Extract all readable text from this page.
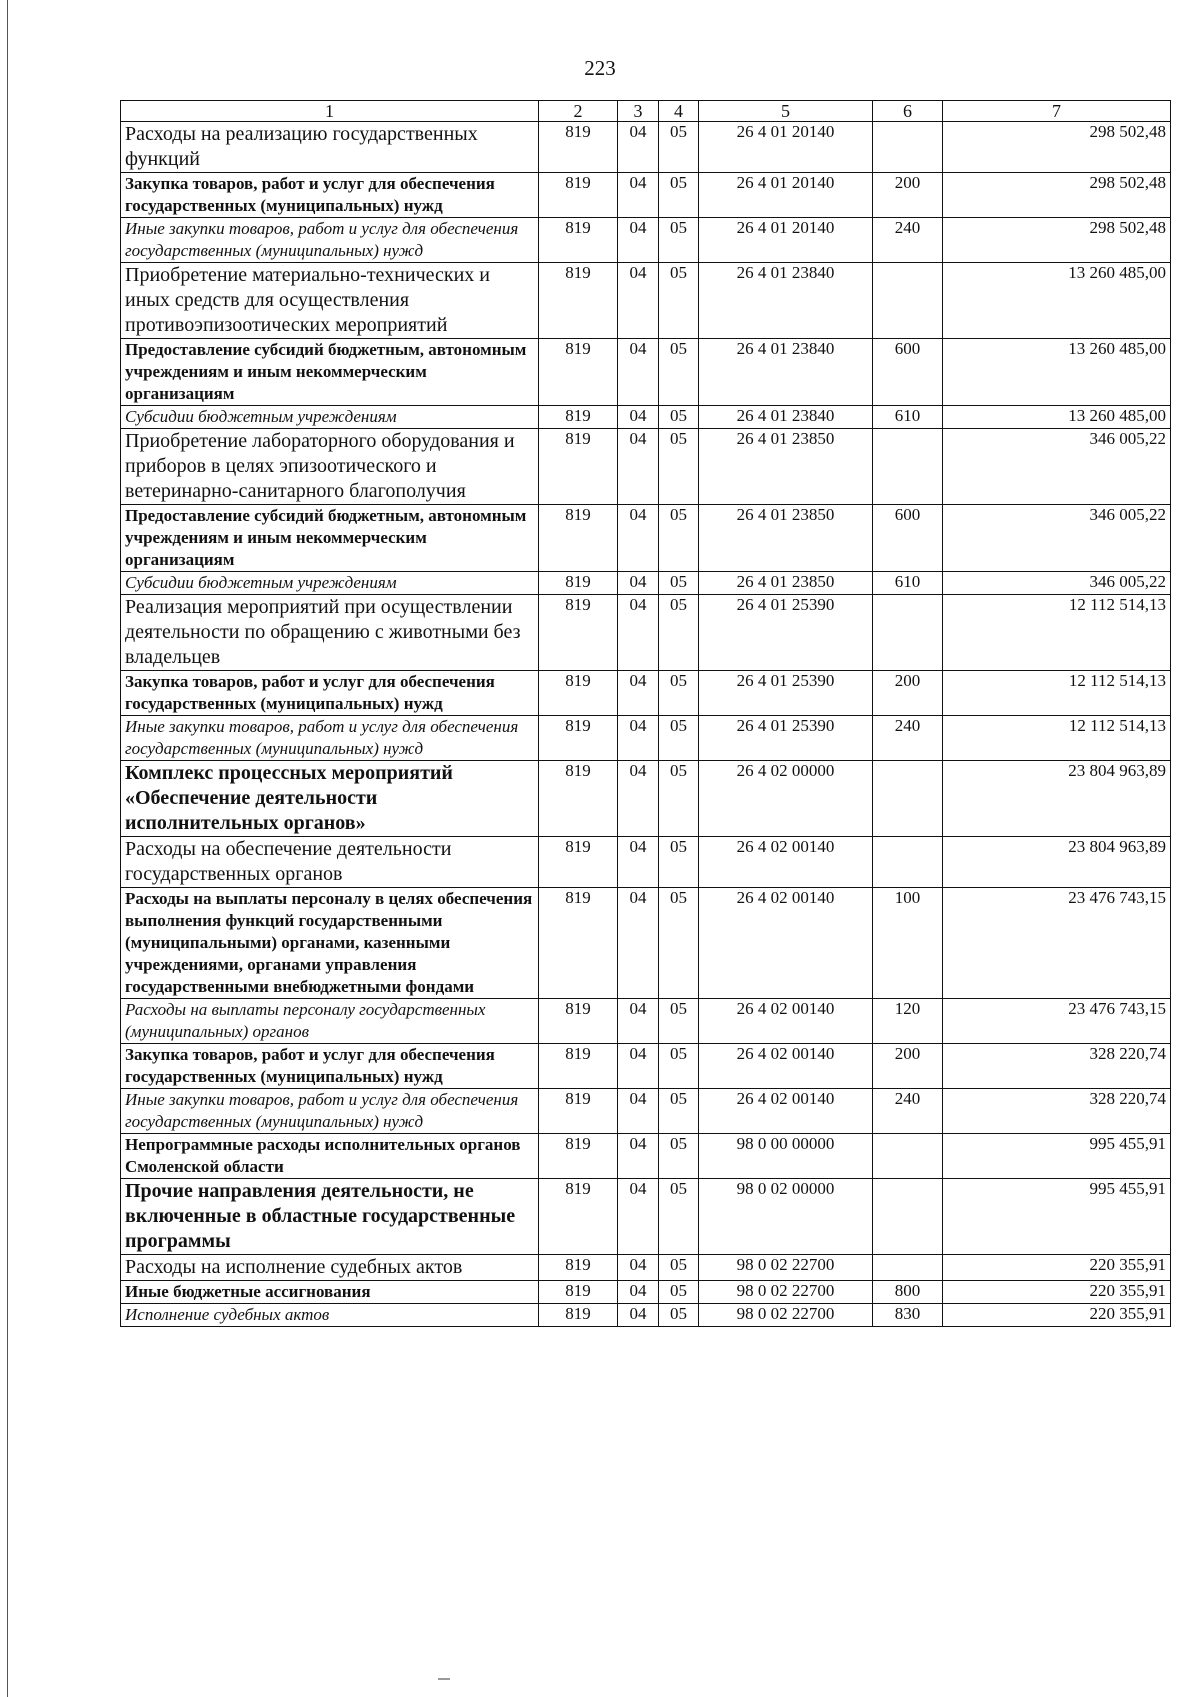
223
1	2	3	4	5	6	7
Расходы на реализацию государственных функций	819	04	05	26 4 01 20140		298 502,48
Закупка товаров, работ и услуг для обеспечения государственных (муниципальных) нужд	819	04	05	26 4 01 20140	200	298 502,48
Иные закупки товаров, работ и услуг для обеспечения государственных (муниципальных) нужд	819	04	05	26 4 01 20140	240	298 502,48
Приобретение материально-технических и иных средств для осуществления противоэпизоотических мероприятий	819	04	05	26 4 01 23840		13 260 485,00
Предоставление субсидий бюджетным, автономным учреждениям и иным некоммерческим организациям	819	04	05	26 4 01 23840	600	13 260 485,00
Субсидии бюджетным учреждениям	819	04	05	26 4 01 23840	610	13 260 485,00
Приобретение лабораторного оборудования и приборов в целях эпизоотического и ветеринарно-санитарного благополучия	819	04	05	26 4 01 23850		346 005,22
Предоставление субсидий бюджетным, автономным учреждениям и иным некоммерческим организациям	819	04	05	26 4 01 23850	600	346 005,22
Субсидии бюджетным учреждениям	819	04	05	26 4 01 23850	610	346 005,22
Реализация мероприятий при осуществлении деятельности по обращению с животными без владельцев	819	04	05	26 4 01 25390		12 112 514,13
Закупка товаров, работ и услуг для обеспечения государственных (муниципальных) нужд	819	04	05	26 4 01 25390	200	12 112 514,13
Иные закупки товаров, работ и услуг для обеспечения государственных (муниципальных) нужд	819	04	05	26 4 01 25390	240	12 112 514,13
Комплекс процессных мероприятий «Обеспечение деятельности исполнительных органов»	819	04	05	26 4 02 00000		23 804 963,89
Расходы на обеспечение деятельности государственных органов	819	04	05	26 4 02 00140		23 804 963,89
Расходы на выплаты персоналу в целях обеспечения выполнения функций государственными (муниципальными) органами, казенными учреждениями, органами управления государственными внебюджетными фондами	819	04	05	26 4 02 00140	100	23 476 743,15
Расходы на выплаты персоналу государственных (муниципальных) органов	819	04	05	26 4 02 00140	120	23 476 743,15
Закупка товаров, работ и услуг для обеспечения государственных (муниципальных) нужд	819	04	05	26 4 02 00140	200	328 220,74
Иные закупки товаров, работ и услуг для обеспечения государственных (муниципальных) нужд	819	04	05	26 4 02 00140	240	328 220,74
Непрограммные расходы исполнительных органов Смоленской области	819	04	05	98 0 00 00000		995 455,91
Прочие направления деятельности, не включенные в областные государственные программы	819	04	05	98 0 02 00000		995 455,91
Расходы на исполнение судебных актов	819	04	05	98 0 02 22700		220 355,91
Иные бюджетные ассигнования	819	04	05	98 0 02 22700	800	220 355,91
Исполнение судебных актов	819	04	05	98 0 02 22700	830	220 355,91
